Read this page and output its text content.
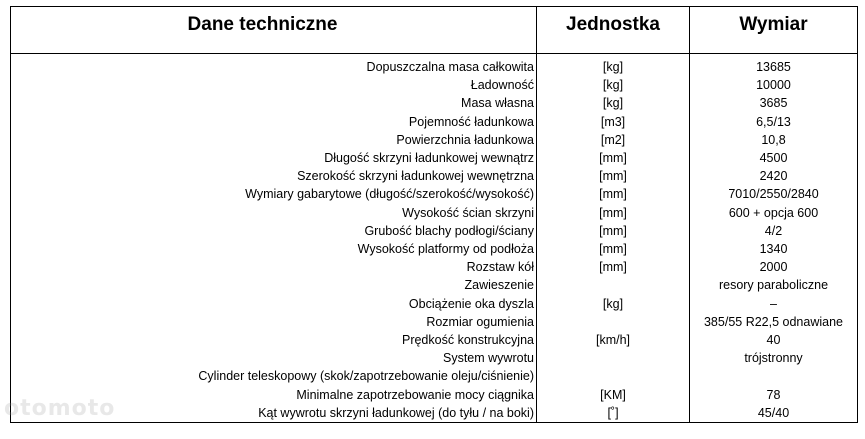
Dane techniczne	Jednostka	Wymiar
Dopuszczalna masa całkowita	[kg]	13685
Ładowność	[kg]	10000
Masa własna	[kg]	3685
Pojemność ładunkowa	[m3]	6,5/13
Powierzchnia ładunkowa	[m2]	10,8
Długość skrzyni ładunkowej wewnątrz	[mm]	4500
Szerokość skrzyni ładunkowej wewnętrzna	[mm]	2420
Wymiary gabarytowe (długość/szerokość/wysokość)	[mm]	7010/2550/2840
Wysokość ścian skrzyni	[mm]	600 + opcja 600
Grubość blachy podłogi/ściany	[mm]	4/2
Wysokość platformy od podłoża	[mm]	1340
Rozstaw kół	[mm]	2000
Zawieszenie		resory paraboliczne
Obciążenie oka dyszla	[kg]	–
Rozmiar ogumienia		385/55 R22,5 odnawiane
Prędkość konstrukcyjna	[km/h]	40
System wywrotu		trójstronny
Cylinder teleskopowy (skok/zapotrzebowanie oleju/ciśnienie)		
Minimalne zapotrzebowanie mocy ciągnika	[KM]	78
Kąt wywrotu skrzyni ładunkowej (do tyłu / na boki)	[˚]	45/40
otomoto
